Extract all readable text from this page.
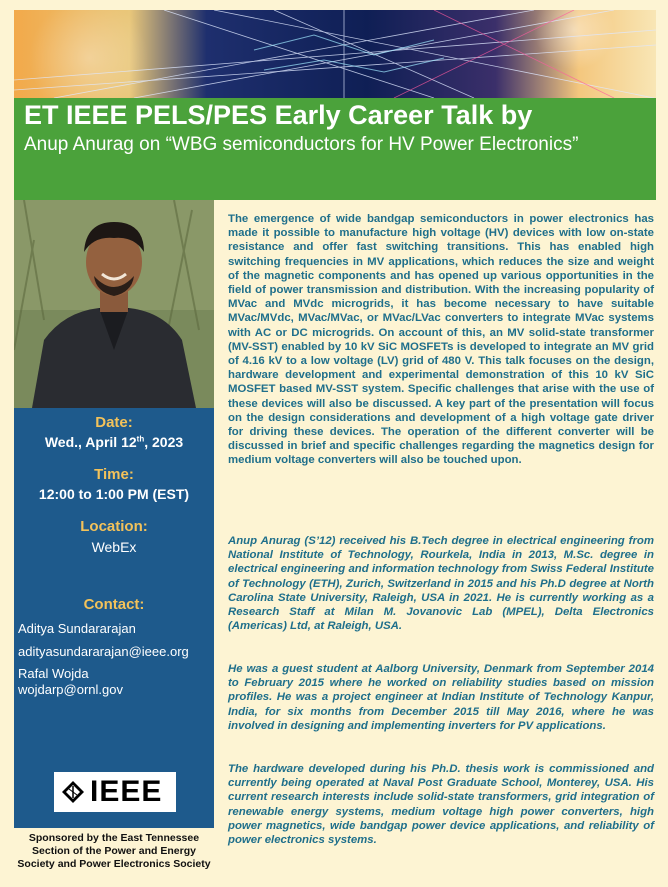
ET IEEE PELS/PES Early Career Talk by
Anup Anurag on “WBG semiconductors for HV Power Electronics”
Date:
Wed., April 12th, 2023
Time:
12:00 to 1:00 PM (EST)
Location:
WebEx
Contact:
Aditya Sundararajan
adityasundararajan@ieee.org
Rafal Wojda
wojdarp@ornl.gov
IEEE
Sponsored by the East Tennessee Section of the Power and Energy Society and Power Electronics Society

The emergence of wide bandgap semiconductors in power electronics has made it possible to manufacture high voltage (HV) devices with low on-state resistance and offer fast switching transitions. This has enabled high switching frequencies in MV applications, which reduces the size and weight of the magnetic components and has opened up various opportunities in the field of power transmission and distribution. With the increasing popularity of MVac and MVdc microgrids, it has become necessary to have suitable MVac/MVdc, MVac/MVac, or MVac/LVac converters to integrate MVac systems with AC or DC microgrids. On account of this, an MV solid-state transformer (MV-SST) enabled by 10 kV SiC MOSFETs is developed to integrate an MV grid of 4.16 kV to a low voltage (LV) grid of 480 V. This talk focuses on the design, hardware development and experimental demonstration of this 10 kV SiC MOSFET based MV-SST system. Specific challenges that arise with the use of these devices will also be discussed. A key part of the presentation will focus on the design considerations and development of a high voltage gate driver for driving these devices. The operation of the different converter will be discussed in brief and specific challenges regarding the magnetics design for medium voltage converters will also be touched upon.

Anup Anurag (S’12) received his B.Tech degree in electrical engineering from National Institute of Technology, Rourkela, India in 2013, M.Sc. degree in electrical engineering and information technology from Swiss Federal Institute of Technology (ETH), Zurich, Switzerland in 2015 and his Ph.D degree at North Carolina State University, Raleigh, USA in 2021. He is currently working as a Research Staff at Milan M. Jovanovic Lab (MPEL), Delta Electronics (Americas) Ltd, at Raleigh, USA.

He was a guest student at Aalborg University, Denmark from September 2014 to February 2015 where he worked on reliability studies based on mission profiles. He was a project engineer at Indian Institute of Technology Kanpur, India, for six months from December 2015 till May 2016, where he was involved in designing and implementing inverters for PV applications.

The hardware developed during his Ph.D. thesis work is commissioned and currently being operated at Naval Post Graduate School, Monterey, USA. His current research interests include solid-state transformers, grid integration of renewable energy systems, medium voltage high power converters, high power magnetics, wide bandgap power device applications, and reliability of power electronics systems.
